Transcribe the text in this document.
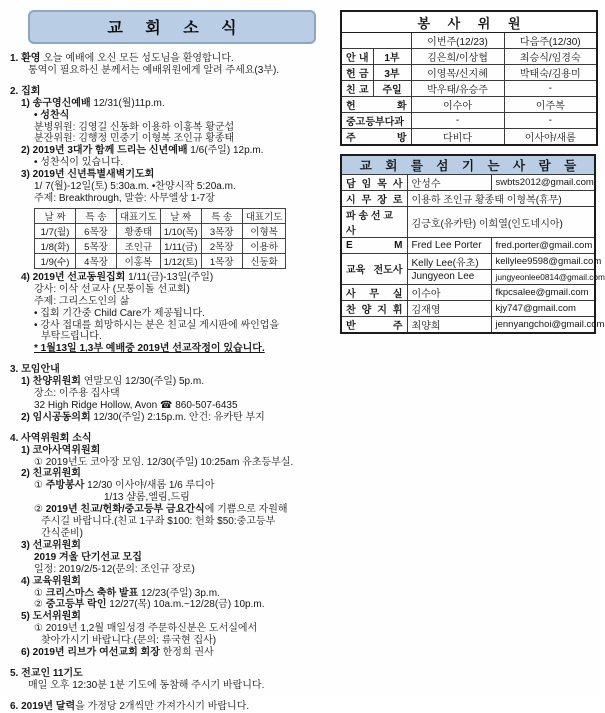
교 회 소 식
1. 환영 오늘 예배에 오신 모든 성도님을 환영합니다.
통역이 필요하신 분께서는 예배위원에게 알려 주세요(3부).
2. 집회
1) 송구영신예배 12/31(월)11p.m.
• 성찬식
분병위원: 김영길 신동화 이용하 이홍복 황군섭
분잔위원: 김행정 민중기 이형복 조인규 황종태
2) 2019년 3대가 함께 드리는 신년예배 1/6(주일) 12p.m.
• 성찬식이 있습니다.
3) 2019년 신년특별새벽기도회
1/ 7(월)-12일(토) 5:30a.m. •찬양시작 5:20a.m.
주제: Breakthrough, 말씀: 사무엘상 1-7장
날 짜	특 송	대표기도	날 짜	특 송	대표기도
1/7(월)	6목장	황종태	1/10(목)	3목장	이형복
1/8(화)	5목장	조인규	1/11(금)	2목장	이용하
1/9(수)	4목장	이홍복	1/12(토)	1목장	신동화
4) 2019년 선교동원집회 1/11(금)-13일(주일)
강사: 이삭 선교사 (모퉁이돌 선교회)
주제: 그리스도인의 삶
• 집회 기간중 Child Care가 제공됩니다.
• 강사 접대를 희망하시는 분은 친교실 게시판에 싸인업을
부탁드립니다.
* 1월13일 1,3부 예배중 2019년 선교작정이 있습니다.
3. 모임안내
1) 찬양위원회 연말모임 12/30(주일) 5p.m.
장소: 이주용 집사댁
32 High Ridge Hollow, Avon ☎ 860-507-6435
2) 임시공동의회 12/30(주일) 2:15p.m. 안건: 유카탄 부지
4. 사역위원회 소식
1) 코아사역위원회
① 2019년도 코아장 모임. 12/30(주일) 10:25am 유초등부실.
2) 친교위원회
① 주방봉사 12/30 이사야/새롬 1/6 루디아
1/13 샬롬,엘림,드림
② 2019년 친교/헌화/중고등부 금요간식에 기쁨으로 자원해
주시길 바랍니다.(친교 1구좌 $100: 헌화 $50:중고등부
간식준비)
3) 선교위원회
2019 겨울 단기선교 모집
일정: 2019/2/5-12(문의: 조인규 장로)
4) 교육위원회
① 크리스마스 축하 발표 12/23(주일) 3p.m.
② 중고등부 락인 12/27(목) 10a.m.~12/28(금) 10p.m.
5) 도서위원회
① 2019년 1,2월 매일성경 주문하신분은 도서실에서
찾아가시기 바랍니다.(문의: 류국현 집사)
6) 2019년 리브가 여선교회 회장 한정희 권사
5. 전교인 11기도
매일 오후 12:30분 1분 기도에 동참해 주시기 바랍니다.
6. 2019년 달력을 가정당 2개씩만 가져가시기 바랍니다.
봉 사 위 원			
		이번주(12/23)	다음주(12/30)
안 내	1부	김은희/이상협	최승식/임경숙
헌 금	3부	이영목/신지혜	박태숙/김용미
친 교	주일	박우태/유승주	-
헌 화		이수아	이주복
중고등부다과		-	-
주 방		다비다	이사야/새롬
교 회 를 섬 기 는 사 람 들		
담 임 목 사	안성수	swbts2012@gmail.com
시 무 장 로	이용하 조인규 황종태 이형복(휴무)	
파 송 선 교 사	김긍호(유카탄) 이희열(인도네시아)	
E M	Fred Lee Porter	fred.porter@gmail.com
교육 전도사	Kelly Lee(유초)	kellylee9598@gmail.com
	Jungyeon Lee	jungyeonlee0814@gmail.com
사 무 실	이수아	fkpcsalee@gmail.com
찬 양 지 휘	김재영	kjy747@gmail.com
반 주	최양희	jennyangchoi@gmail.com
